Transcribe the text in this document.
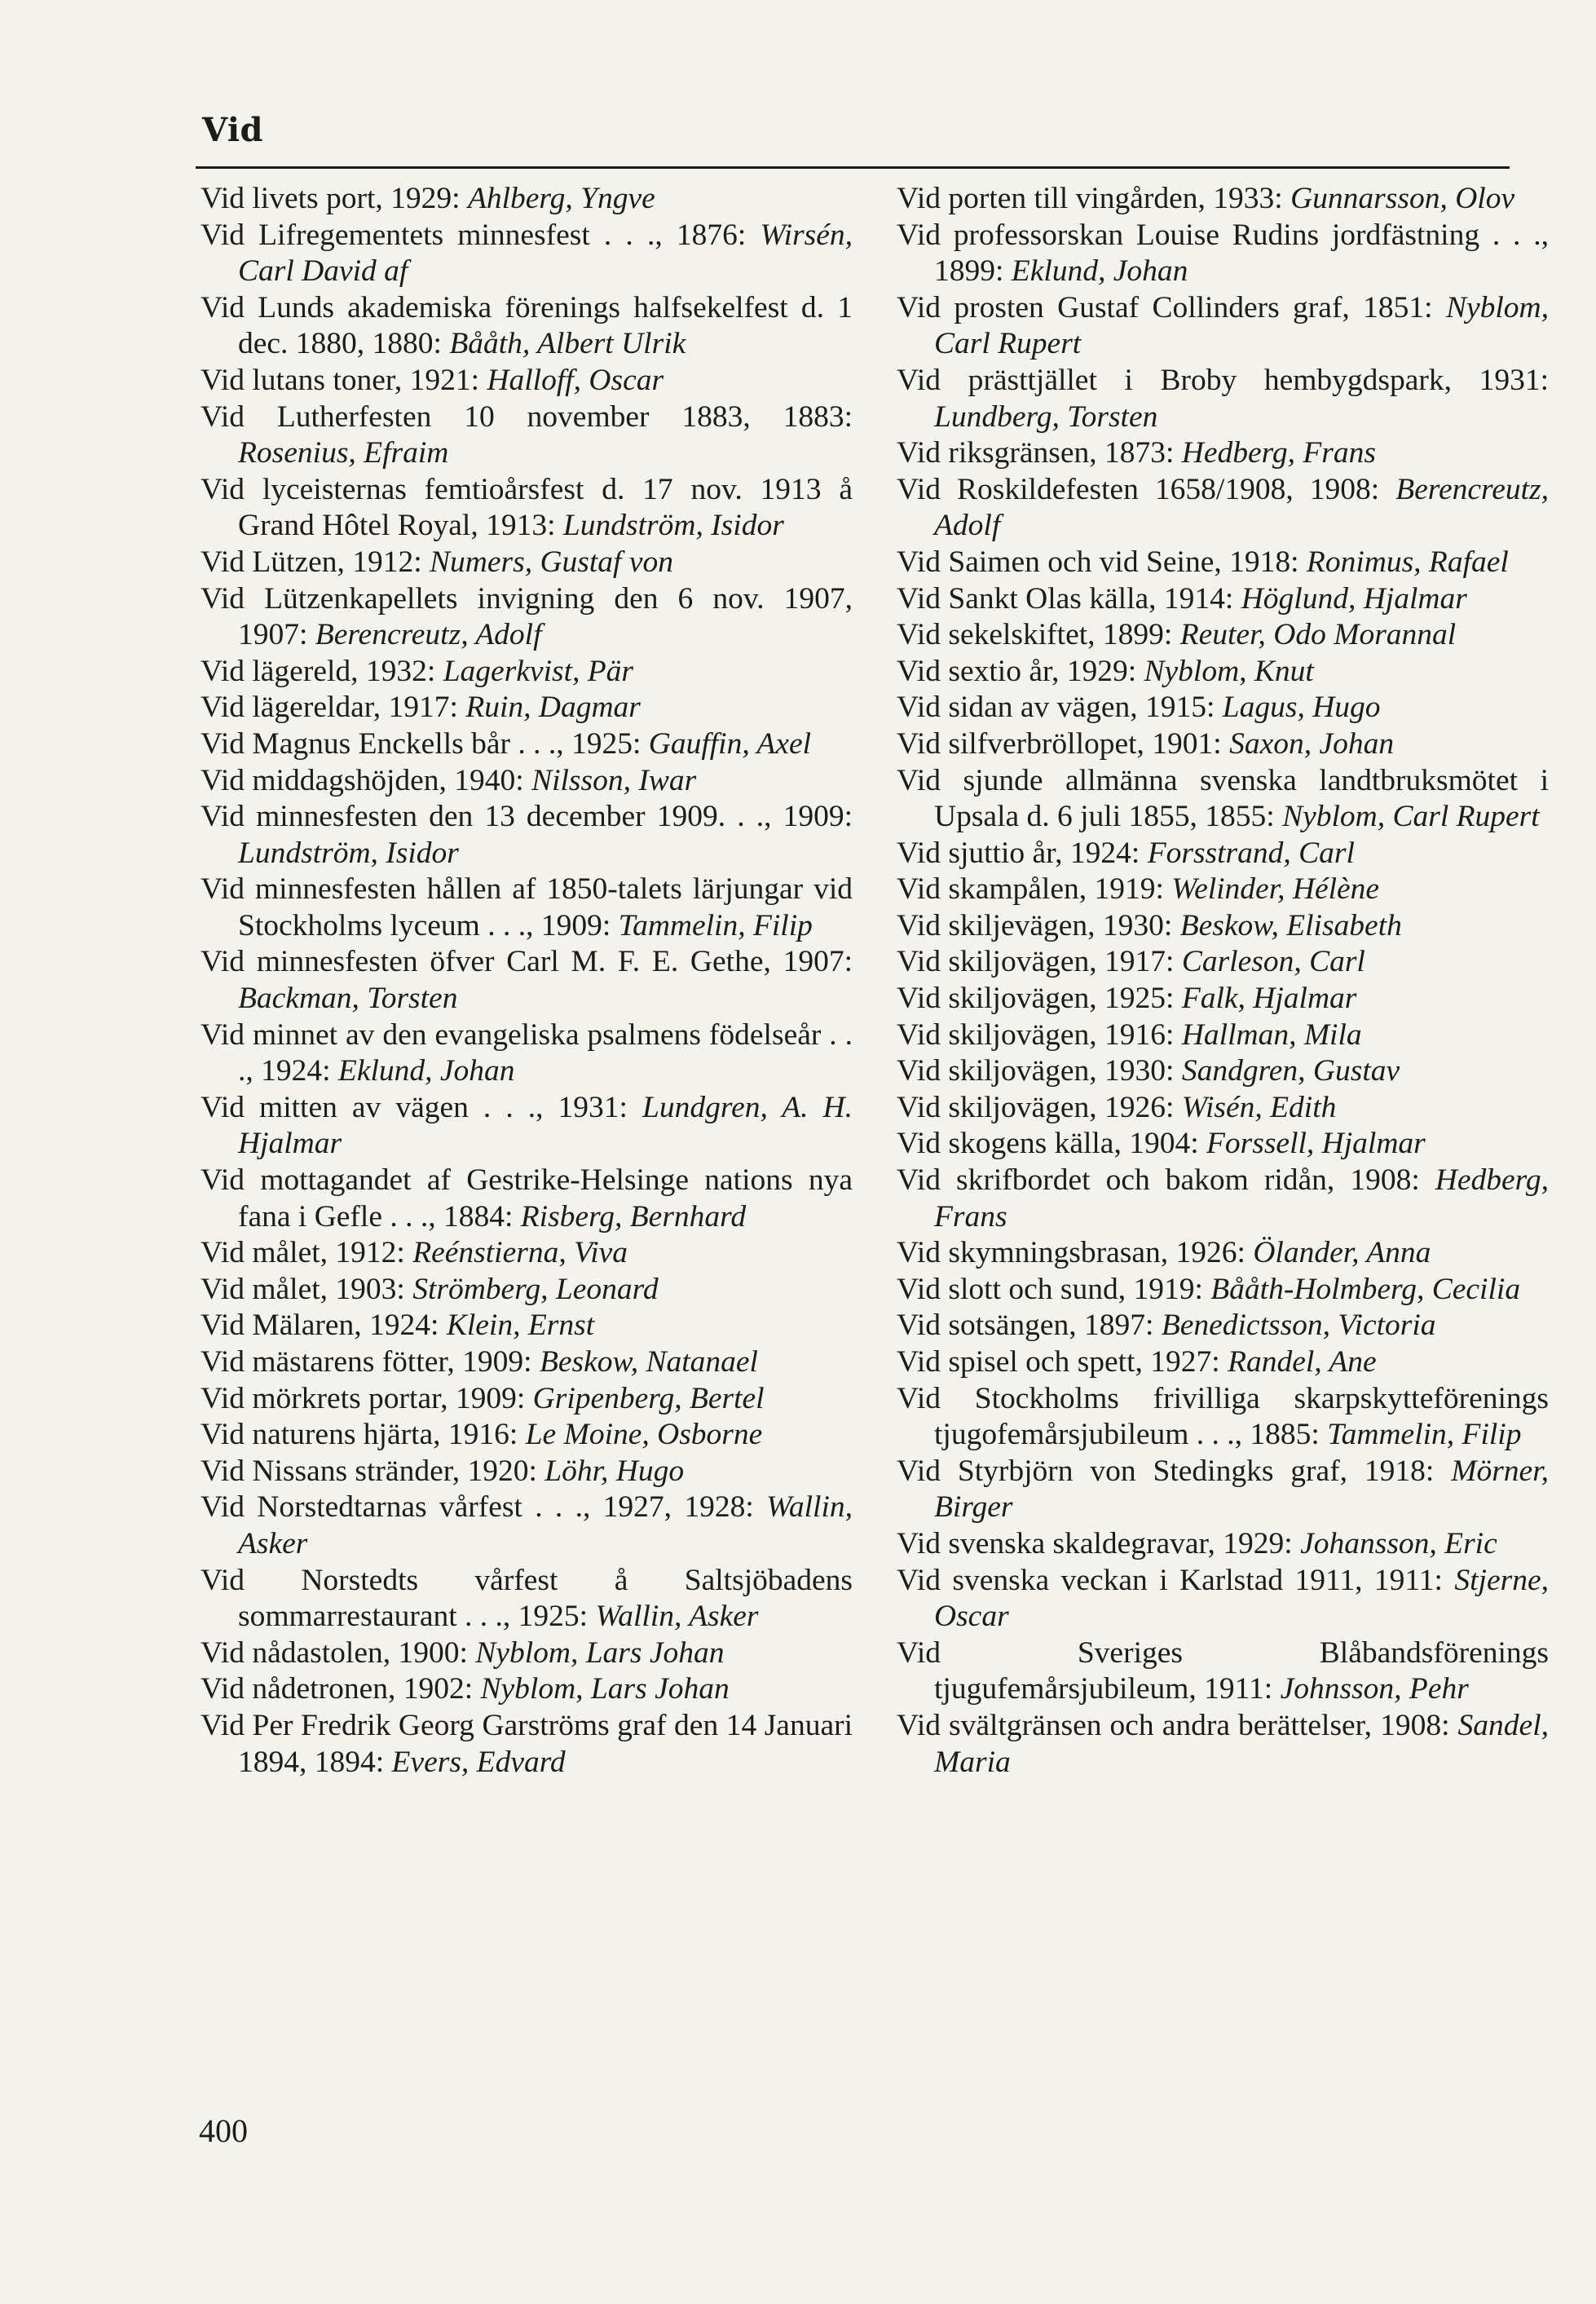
Vid
Vid livets port, 1929: Ahlberg, Yngve
Vid Lifregementets minnesfest . . ., 1876: Wirsén, Carl David af
Vid Lunds akademiska förenings halfsekelfest d. 1 dec. 1880, 1880: Bååth, Albert Ulrik
Vid lutans toner, 1921: Halloff, Oscar
Vid Lutherfesten 10 november 1883, 1883: Rosenius, Efraim
Vid lyceisternas femtioårsfest d. 17 nov. 1913 å Grand Hôtel Royal, 1913: Lundström, Isidor
Vid Lützen, 1912: Numers, Gustaf von
Vid Lützenkapellets invigning den 6 nov. 1907, 1907: Berencreutz, Adolf
Vid lägereld, 1932: Lagerkvist, Pär
Vid lägereldar, 1917: Ruin, Dagmar
Vid Magnus Enckells bår . . ., 1925: Gauffin, Axel
Vid middagshöjden, 1940: Nilsson, Iwar
Vid minnesfesten den 13 december 1909. . ., 1909: Lundström, Isidor
Vid minnesfesten hållen af 1850-talets lärjungar vid Stockholms lyceum . . ., 1909: Tammelin, Filip
Vid minnesfesten öfver Carl M. F. E. Gethe, 1907: Backman, Torsten
Vid minnet av den evangeliska psalmens födelseår . . ., 1924: Eklund, Johan
Vid mitten av vägen . . ., 1931: Lundgren, A. H. Hjalmar
Vid mottagandet af Gestrike-Helsinge nations nya fana i Gefle . . ., 1884: Risberg, Bernhard
Vid målet, 1912: Reénstierna, Viva
Vid målet, 1903: Strömberg, Leonard
Vid Mälaren, 1924: Klein, Ernst
Vid mästarens fötter, 1909: Beskow, Natanael
Vid mörkrets portar, 1909: Gripenberg, Bertel
Vid naturens hjärta, 1916: Le Moine, Osborne
Vid Nissans stränder, 1920: Löhr, Hugo
Vid Norstedtarnas vårfest . . ., 1927, 1928: Wallin, Asker
Vid Norstedts vårfest å Saltsjöbadens sommarrestaurant . . ., 1925: Wallin, Asker
Vid nådastolen, 1900: Nyblom, Lars Johan
Vid nådetronen, 1902: Nyblom, Lars Johan
Vid Per Fredrik Georg Garströms graf den 14 Januari 1894, 1894: Evers, Edvard
Vid porten till vingården, 1933: Gunnarsson, Olov
Vid professorskan Louise Rudins jordfästning . . ., 1899: Eklund, Johan
Vid prosten Gustaf Collinders graf, 1851: Nyblom, Carl Rupert
Vid prästtjället i Broby hembygdspark, 1931: Lundberg, Torsten
Vid riksgränsen, 1873: Hedberg, Frans
Vid Roskildefesten 1658/1908, 1908: Berencreutz, Adolf
Vid Saimen och vid Seine, 1918: Ronimus, Rafael
Vid Sankt Olas källa, 1914: Höglund, Hjalmar
Vid sekelskiftet, 1899: Reuter, Odo Morannal
Vid sextio år, 1929: Nyblom, Knut
Vid sidan av vägen, 1915: Lagus, Hugo
Vid silfverbröllopet, 1901: Saxon, Johan
Vid sjunde allmänna svenska landtbruksmötet i Upsala d. 6 juli 1855, 1855: Nyblom, Carl Rupert
Vid sjuttio år, 1924: Forsstrand, Carl
Vid skampålen, 1919: Welinder, Hélène
Vid skiljevägen, 1930: Beskow, Elisabeth
Vid skiljovägen, 1917: Carleson, Carl
Vid skiljovägen, 1925: Falk, Hjalmar
Vid skiljovägen, 1916: Hallman, Mila
Vid skiljovägen, 1930: Sandgren, Gustav
Vid skiljovägen, 1926: Wisén, Edith
Vid skogens källa, 1904: Forssell, Hjalmar
Vid skrifbordet och bakom ridån, 1908: Hedberg, Frans
Vid skymningsbrasan, 1926: Ölander, Anna
Vid slott och sund, 1919: Bååth-Holmberg, Cecilia
Vid sotsängen, 1897: Benedictsson, Victoria
Vid spisel och spett, 1927: Randel, Ane
Vid Stockholms frivilliga skarpskytteförenings tjugofemårsjubileum . . ., 1885: Tammelin, Filip
Vid Styrbjörn von Stedingks graf, 1918: Mörner, Birger
Vid svenska skaldegravar, 1929: Johansson, Eric
Vid svenska veckan i Karlstad 1911, 1911: Stjerne, Oscar
Vid Sveriges Blåbandsförenings tjugufemårsjubileum, 1911: Johnsson, Pehr
Vid svältgränsen och andra berättelser, 1908: Sandel, Maria
400
